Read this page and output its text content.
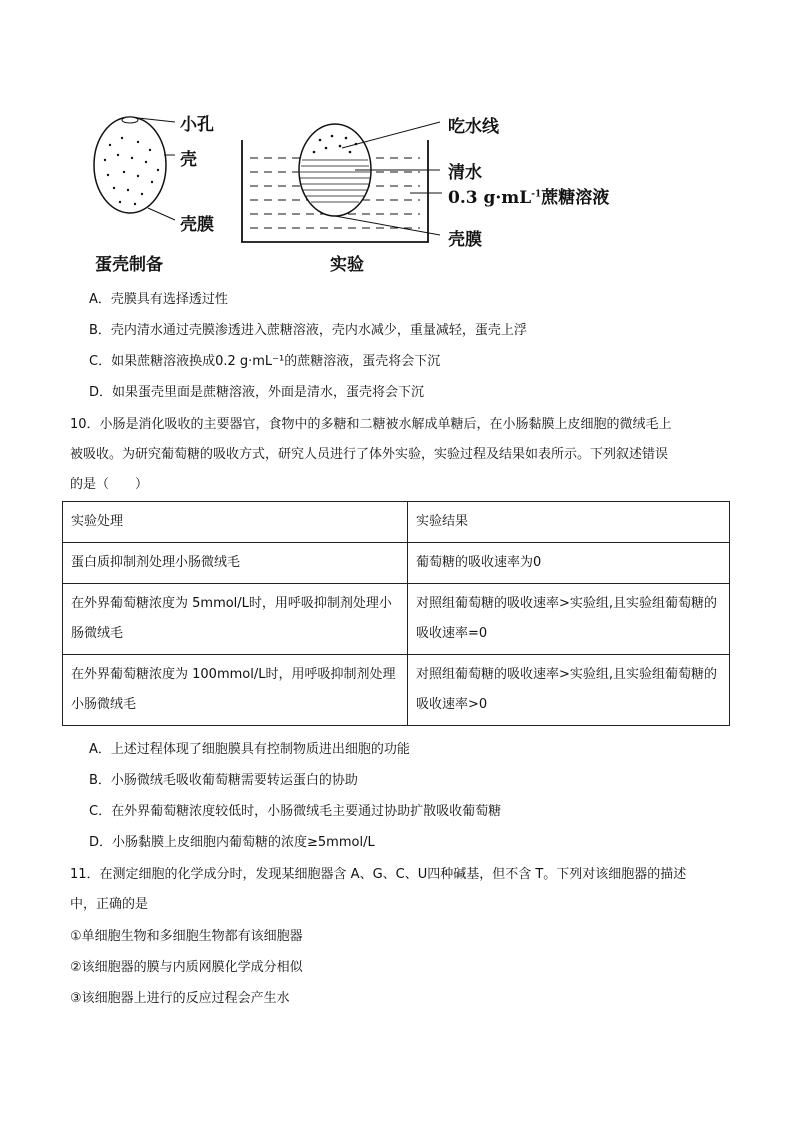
小孔
壳
壳膜
蛋壳制备
吃水线
清水
0.3 $g\cdot mL^{-1}$蔗糖溶液
壳膜
实验
A．壳膜具有选择透过性
B．壳内清水通过壳膜渗透进入蔗糖溶液，壳内水减少，重量减轻，蛋壳上浮
C．如果蔗糖溶液换成0.2 g·mL⁻¹的蔗糖溶液，蛋壳将会下沉
D．如果蛋壳里面是蔗糖溶液，外面是清水，蛋壳将会下沉
10．小肠是消化吸收的主要器官，食物中的多糖和二糖被水解成单糖后，在小肠黏膜上皮细胞的微绒毛上
被吸收。为研究葡萄糖的吸收方式，研究人员进行了体外实验，实验过程及结果如表所示。下列叙述错误
的是（　　）
实验处理	实验结果
蛋白质抑制剂处理小肠微绒毛	葡萄糖的吸收速率为0
在外界葡萄糖浓度为 5mmol/L时，用呼吸抑制剂处理小肠微绒毛	对照组葡萄糖的吸收速率>实验组,且实验组葡萄糖的吸收速率=0
在外界葡萄糖浓度为 100mmol/L时，用呼吸抑制剂处理小肠微绒毛	对照组葡萄糖的吸收速率>实验组,且实验组葡萄糖的吸收速率>0
A．上述过程体现了细胞膜具有控制物质进出细胞的功能
B．小肠微绒毛吸收葡萄糖需要转运蛋白的协助
C．在外界葡萄糖浓度较低时，小肠微绒毛主要通过协助扩散吸收葡萄糖
D．小肠黏膜上皮细胞内葡萄糖的浓度≥5mmol/L
11．在测定细胞的化学成分时，发现某细胞器含 A、G、C、U四种碱基，但不含 T。下列对该细胞器的描述
中，正确的是
①单细胞生物和多细胞生物都有该细胞器
②该细胞器的膜与内质网膜化学成分相似
③该细胞器上进行的反应过程会产生水
